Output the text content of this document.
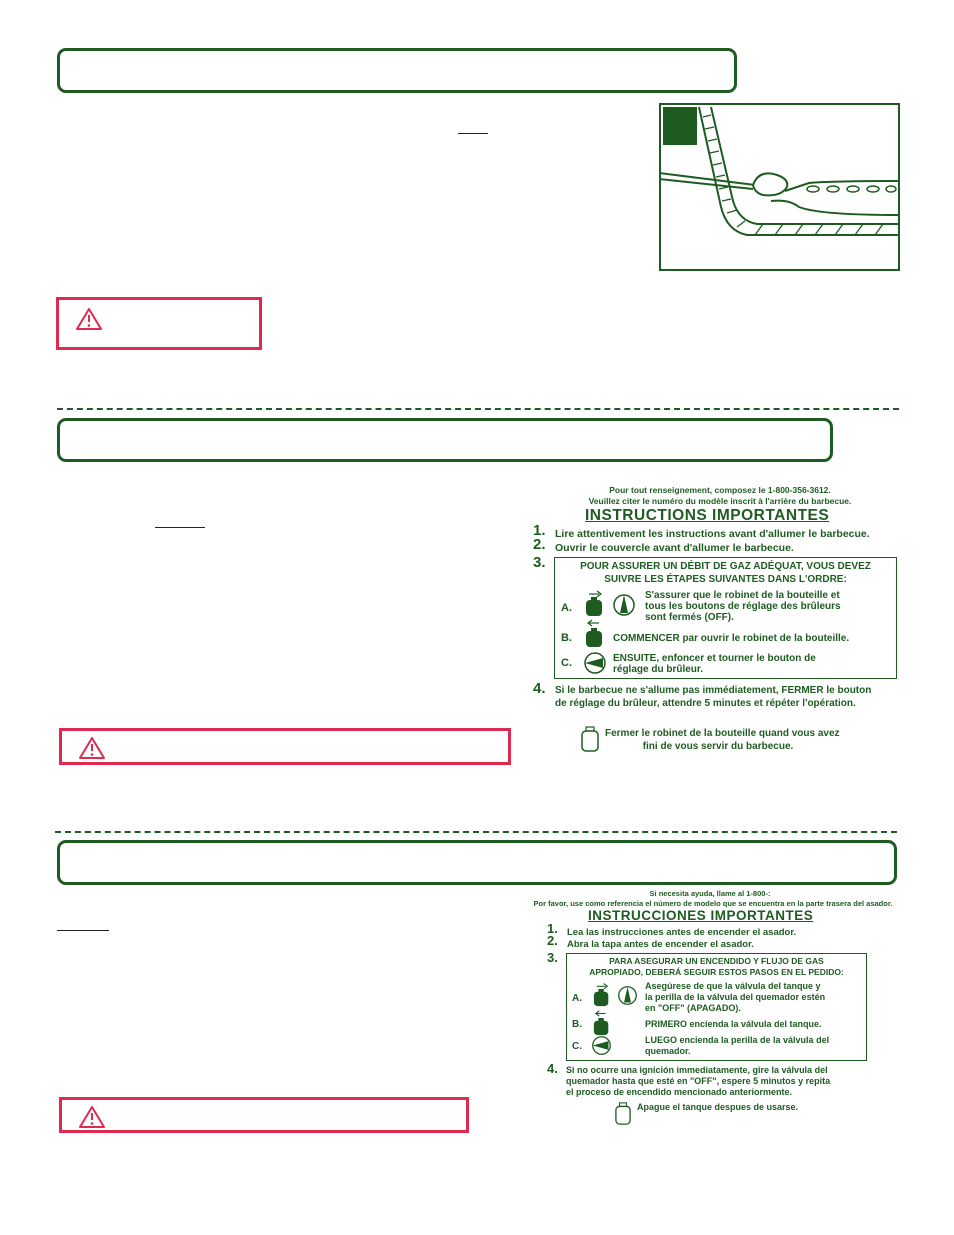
Pour tout renseignement, composez le 1-800-356-3612.
Veuillez citer le numéro du modèle inscrit à l'arrière du barbecue.
INSTRUCTIONS IMPORTANTES
1. Lire attentivement les instructions avant d'allumer le barbecue.
2. Ouvrir le couvercle avant d'allumer le barbecue.
3.	POUR ASSURER UN DÉBIT DE GAZ ADÉQUAT, VOUS DEVEZ
SUIVRE LES ÉTAPES SUIVANTES DANS L'ORDRE:
A.
S'assurer que le robinet de la bouteille et
tous les boutons de réglage des brûleurs
sont fermés (OFF).
B.	COMMENCER par ouvrir le robinet de la bouteille.
C.	ENSUITE, enfoncer et tourner le bouton de
réglage du brûleur.
4. Si le barbecue ne s'allume pas immédiatement, FERMER le bouton
de réglage du brûleur, attendre 5 minutes et répéter l'opération.
Fermer le robinet de la bouteille quand vous avez
fini de vous servir du barbecue.
Si necesita ayuda, llame al 1-800-:
Por favor, use como referencia el número de modelo que se encuentra en la parte trasera del asador.
INSTRUCCIONES IMPORTANTES
1. Lea las instrucciones antes de encender el asador.
2. Abra la tapa antes de encender el asador.
3.	PARA ASEGURAR UN ENCENDIDO Y FLUJO DE GAS
APROPIADO, DEBERÁ SEGUIR ESTOS PASOS EN EL PEDIDO:
A.
Asegúrese de que la válvula del tanque y
la perilla de la válvula del quemador estén
en "OFF" (APAGADO).
B.	PRIMERO encienda la válvula del tanque.
C.
LUEGO encienda la perilla de la válvula del
quemador.
4. Si no ocurre una ignición immediatamente, gire la válvula del
quemador hasta que esté en "OFF", espere 5 minutos y repita
el proceso de encendido mencionado anteriormente.
Apague el tanque despues de usarse.
